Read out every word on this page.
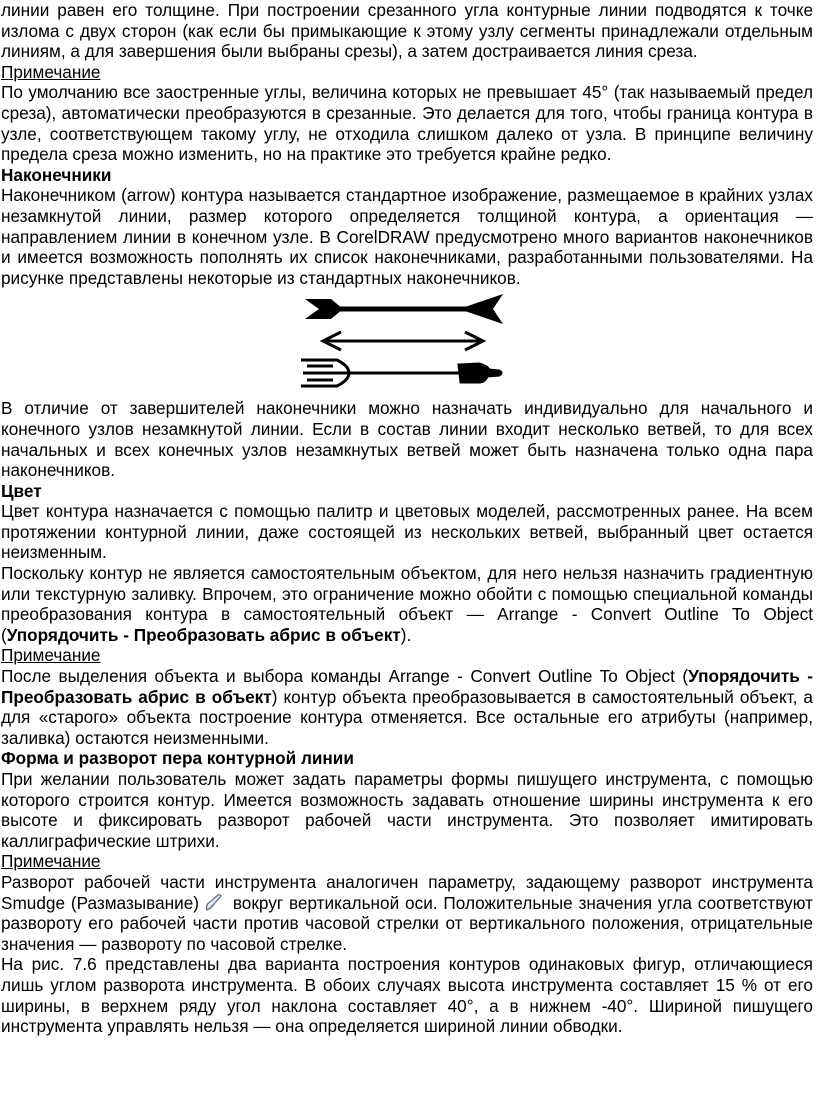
линии равен его толщине. При построении срезанного угла контурные линии подводятся к точке излома с двух сторон (как если бы примыкающие к этому узлу сегменты принадлежали отдельным линиям, а для завершения были выбраны срезы), а затем достраивается линия среза.

Примечание

По умолчанию все заостренные углы, величина которых не превышает 45° (так называемый предел среза), автоматически преобразуются в срезанные. Это делается для того, чтобы граница контура в узле, соответствующем такому углу, не отходила слишком далеко от узла. В принципе величину предела среза можно изменить, но на практике это требуется крайне редко.

Наконечники

Наконечником (arrow) контура называется стандартное изображение, размещаемое в крайних узлах незамкнутой линии, размер которого определяется толщиной контура, а ориентация — направлением линии в конечном узле. В CorelDRAW предусмотрено много вариантов наконечников и имеется возможность пополнять их список наконечниками, разработанными пользователями. На рисунке представлены некоторые из стандартных наконечников.

В отличие от завершителей наконечники можно назначать индивидуально для начального и конечного узлов незамкнутой линии. Если в состав линии входит несколько ветвей, то для всех начальных и всех конечных узлов незамкнутых ветвей может быть назначена только одна пара наконечников.

Цвет

Цвет контура назначается с помощью палитр и цветовых моделей, рассмотренных ранее. На всем протяжении контурной линии, даже состоящей из нескольких ветвей, выбранный цвет остается неизменным.

Поскольку контур не является самостоятельным объектом, для него нельзя назначить градиентную или текстурную заливку. Впрочем, это ограничение можно обойти с помощью специальной команды преобразования контура в самостоятельный объект — Arrange - Convert Outline To Object (Упорядочить - Преобразовать абрис в объект).

Примечание

После выделения объекта и выбора команды Arrange - Convert Outline To Object (Упорядочить - Преобразовать абрис в объект) контур объекта преобразовывается в самостоятельный объект, а для «старого» объекта построение контура отменяется. Все остальные его атрибуты (например, заливка) остаются неизменными.

Форма и разворот пера контурной линии

При желании пользователь может задать параметры формы пишущего инструмента, с помощью которого строится контур. Имеется возможность задавать отношение ширины инструмента к его высоте и фиксировать разворот рабочей части инструмента. Это позволяет имитировать каллиграфические штрихи.

Примечание

Разворот рабочей части инструмента аналогичен параметру, задающему разворот инструмента Smudge (Размазывание)
вокруг вертикальной оси. Положительные значения угла соответствуют развороту его рабочей части против часовой стрелки от вертикального положения, отрицательные значения — развороту по часовой стрелке.

На рис. 7.6 представлены два варианта построения контуров одинаковых фигур, отличающиеся лишь углом разворота инструмента. В обоих случаях высота инструмента составляет 15 % от его ширины, в верхнем ряду угол наклона составляет 40°, а в нижнем -40°. Шириной пишущего инструмента управлять нельзя — она определяется шириной линии обводки.
